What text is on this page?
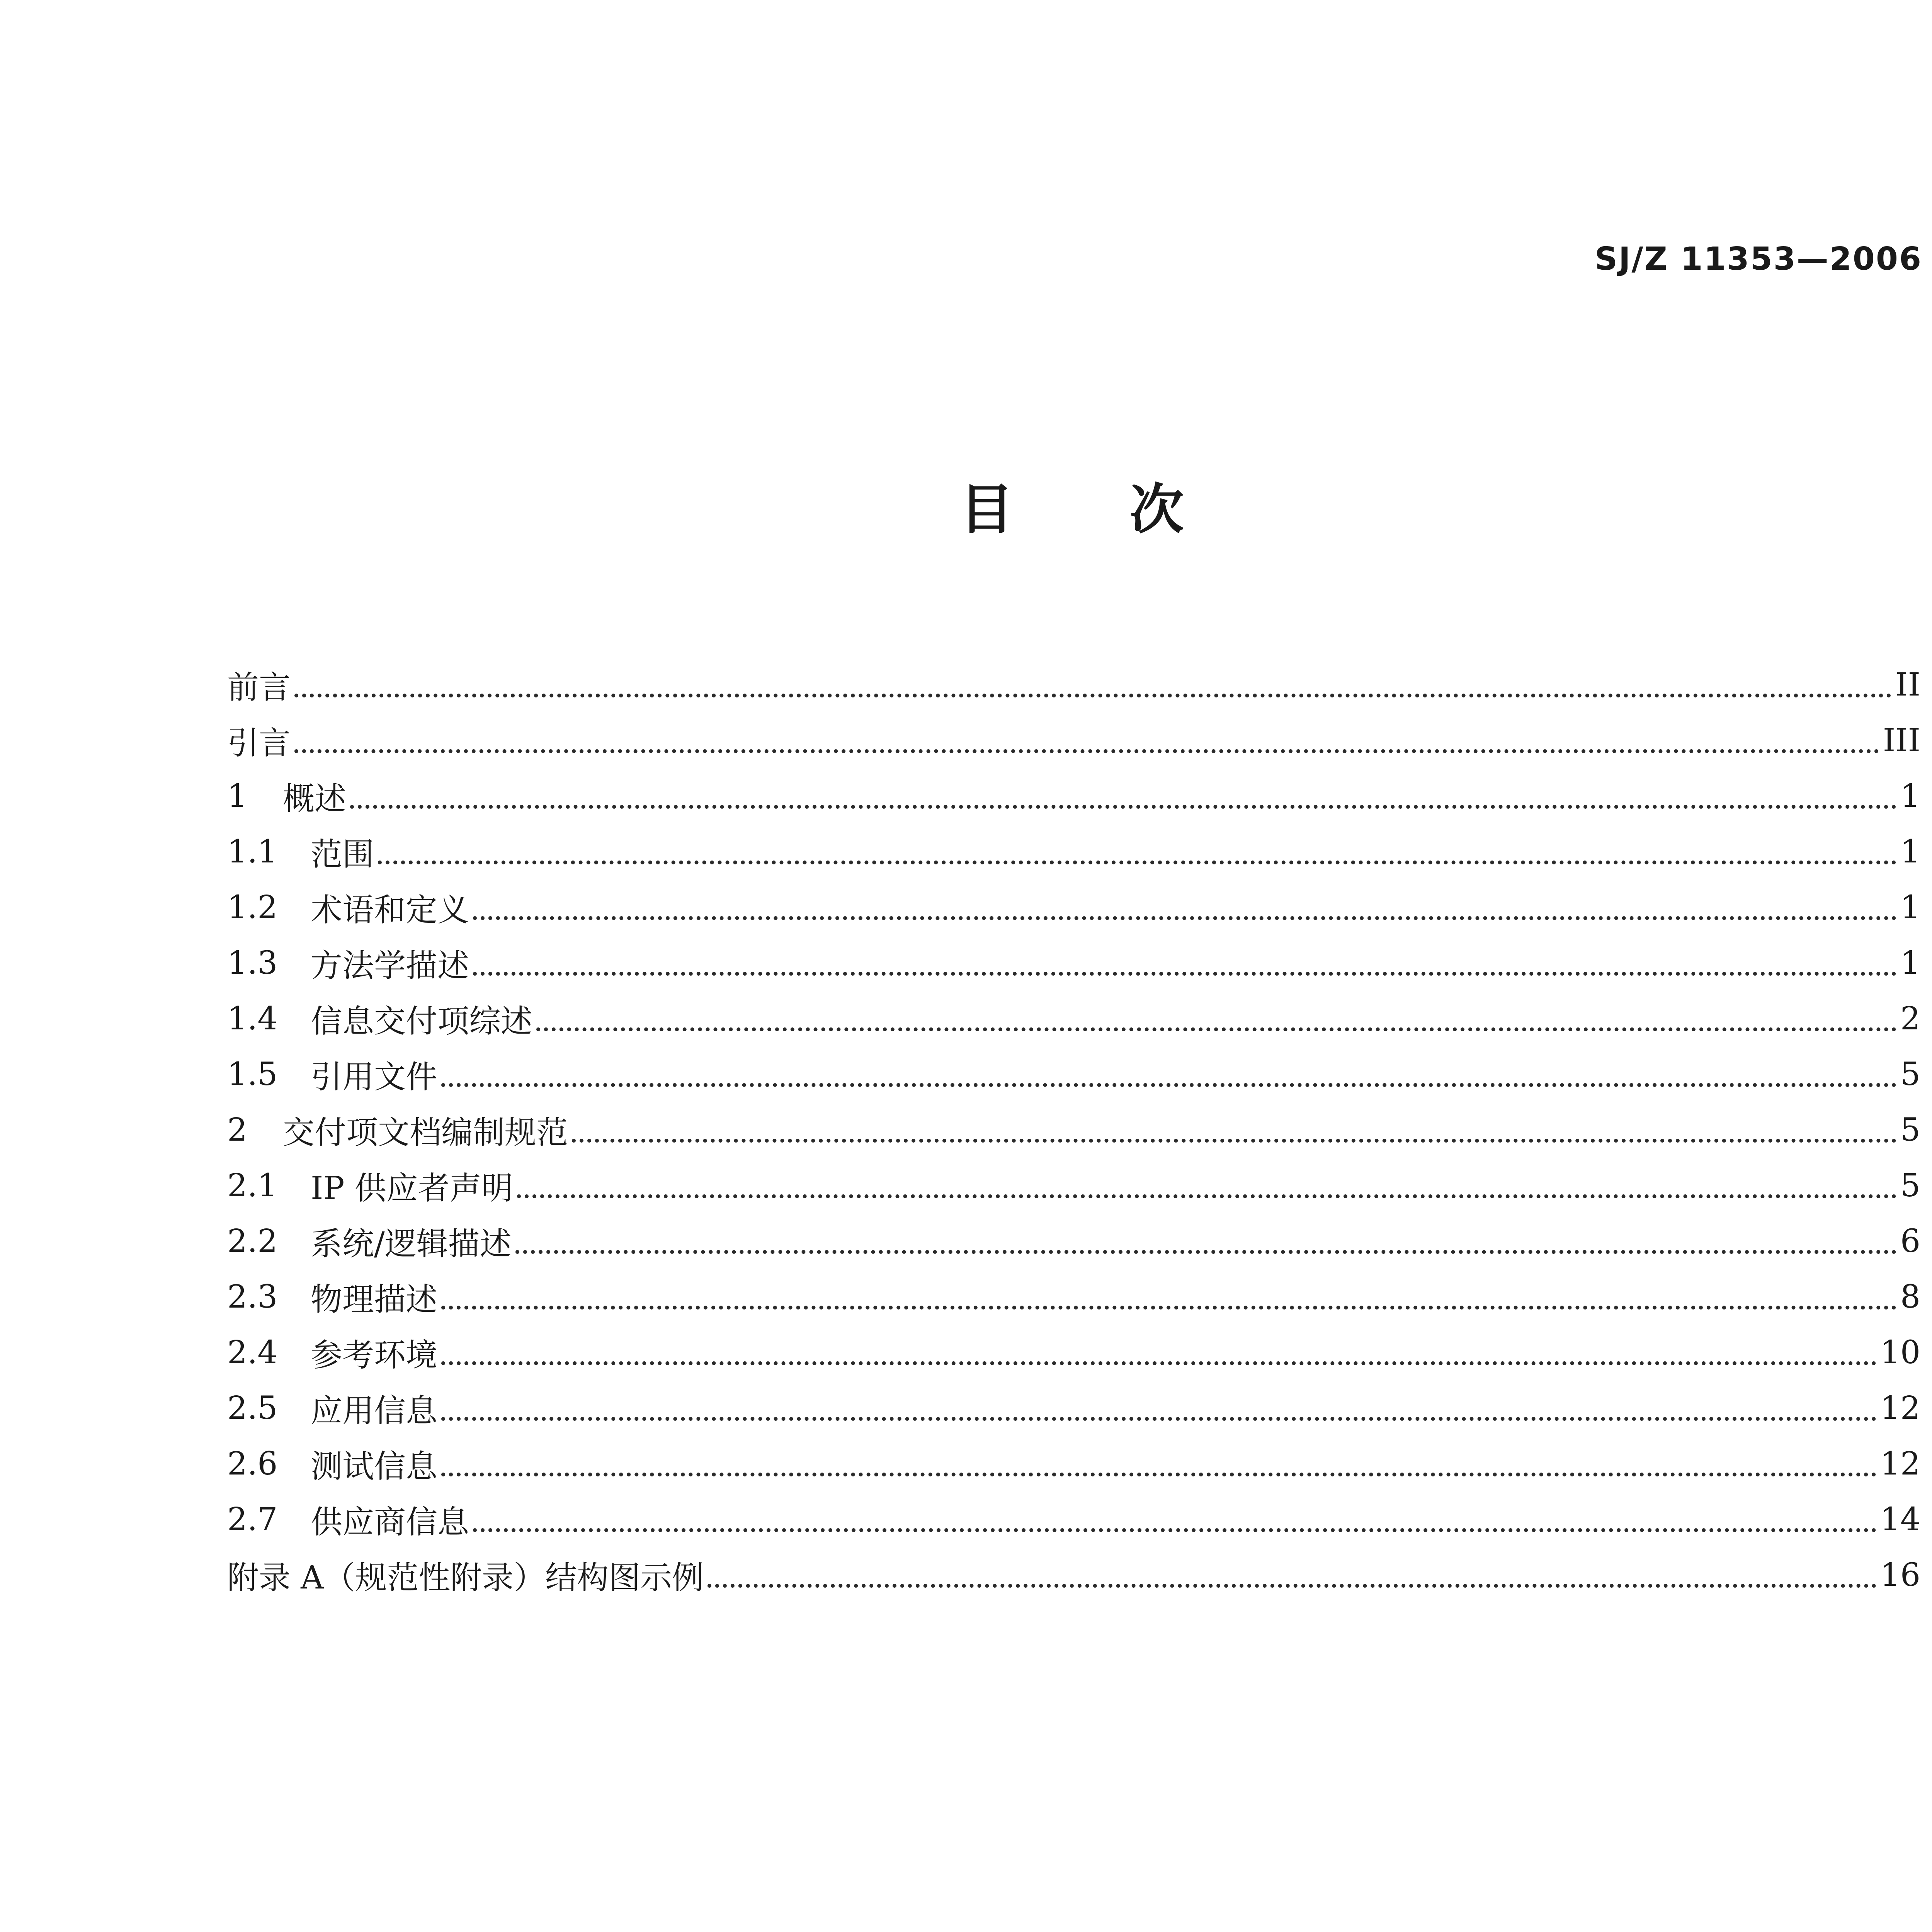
SJ/Z 11353—2006
目 次
前言	II
引言	III
1	概述	1
1.1	范围	1
1.2	术语和定义	1
1.3	方法学描述	1
1.4	信息交付项综述	2
1.5	引用文件	5
2	交付项文档编制规范	5
2.1	IP 供应者声明	5
2.2	系统/逻辑描述	6
2.3	物理描述	8
2.4	参考环境	10
2.5	应用信息	12
2.6	测试信息	12
2.7	供应商信息	14
附录 A（规范性附录）结构图示例	16
